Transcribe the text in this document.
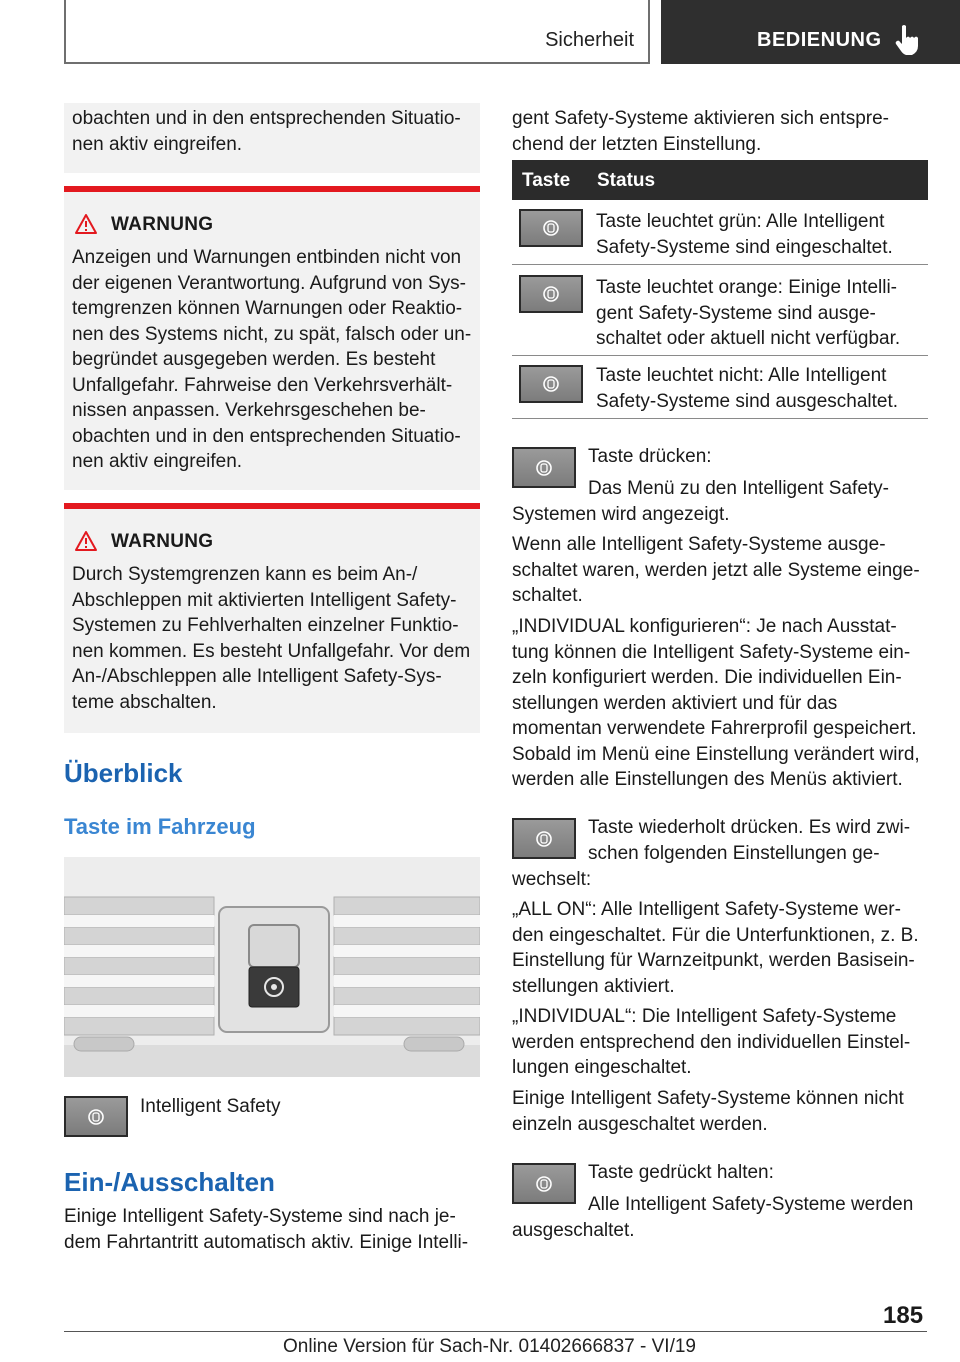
Sicherheit	BEDIENUNG

obachten und in den entsprechenden Situatio-

nen aktiv eingreifen.

WARNUNG

Anzeigen und Warnungen entbinden nicht von

der eigenen Verantwortung. Aufgrund von Sys-

temgrenzen können Warnungen oder Reaktio-

nen des Systems nicht, zu spät, falsch oder un-

begründet ausgegeben werden. Es besteht

Unfallgefahr. Fahrweise den Verkehrsverhält-

nissen anpassen. Verkehrsgeschehen be-

obachten und in den entsprechenden Situatio-

nen aktiv eingreifen.

WARNUNG

Durch Systemgrenzen kann es beim An-/

Abschleppen mit aktivierten Intelligent Safety-

Systemen zu Fehlverhalten einzelner Funktio-

nen kommen. Es besteht Unfallgefahr. Vor dem

An-/Abschleppen alle Intelligent Safety-Sys-

teme abschalten.

Überblick
Taste im Fahrzeug
Intelligent Safety
Ein-/Ausschalten

Einige Intelligent Safety-Systeme sind nach je-

dem Fahrtantritt automatisch aktiv. Einige Intelli-

gent Safety-Systeme aktivieren sich entspre-

chend der letzten Einstellung.

Taste Status

Taste leuchtet grün: Alle Intelligent

Safety-Systeme sind eingeschaltet.

Taste leuchtet orange: Einige Intelli-

gent Safety-Systeme sind ausge-

schaltet oder aktuell nicht verfügbar.

Taste leuchtet nicht: Alle Intelligent

Safety-Systeme sind ausgeschaltet.

Taste drücken:
Das Menü zu den Intelligent Safety-
Systemen wird angezeigt.

Wenn alle Intelligent Safety-Systeme ausge-

schaltet waren, werden jetzt alle Systeme einge-

schaltet.

„INDIVIDUAL konfigurieren“: Je nach Ausstat-

tung können die Intelligent Safety-Systeme ein-

zeln konfiguriert werden. Die individuellen Ein-

stellungen werden aktiviert und für das

momentan verwendete Fahrerprofil gespeichert.

Sobald im Menü eine Einstellung verändert wird,

werden alle Einstellungen des Menüs aktiviert.

Taste wiederholt drücken. Es wird zwi-
schen folgenden Einstellungen ge-
wechselt:

„ALL ON“: Alle Intelligent Safety-Systeme wer-

den eingeschaltet. Für die Unterfunktionen, z. B.

Einstellung für Warnzeitpunkt, werden Basisein-

stellungen aktiviert.

„INDIVIDUAL“: Die Intelligent Safety-Systeme

werden entsprechend den individuellen Einstel-

lungen eingeschaltet.

Einige Intelligent Safety-Systeme können nicht

einzeln ausgeschaltet werden.

Taste gedrückt halten:
Alle Intelligent Safety-Systeme werden
ausgeschaltet.
185
Online Version für Sach-Nr. 01402666837 - VI/19
